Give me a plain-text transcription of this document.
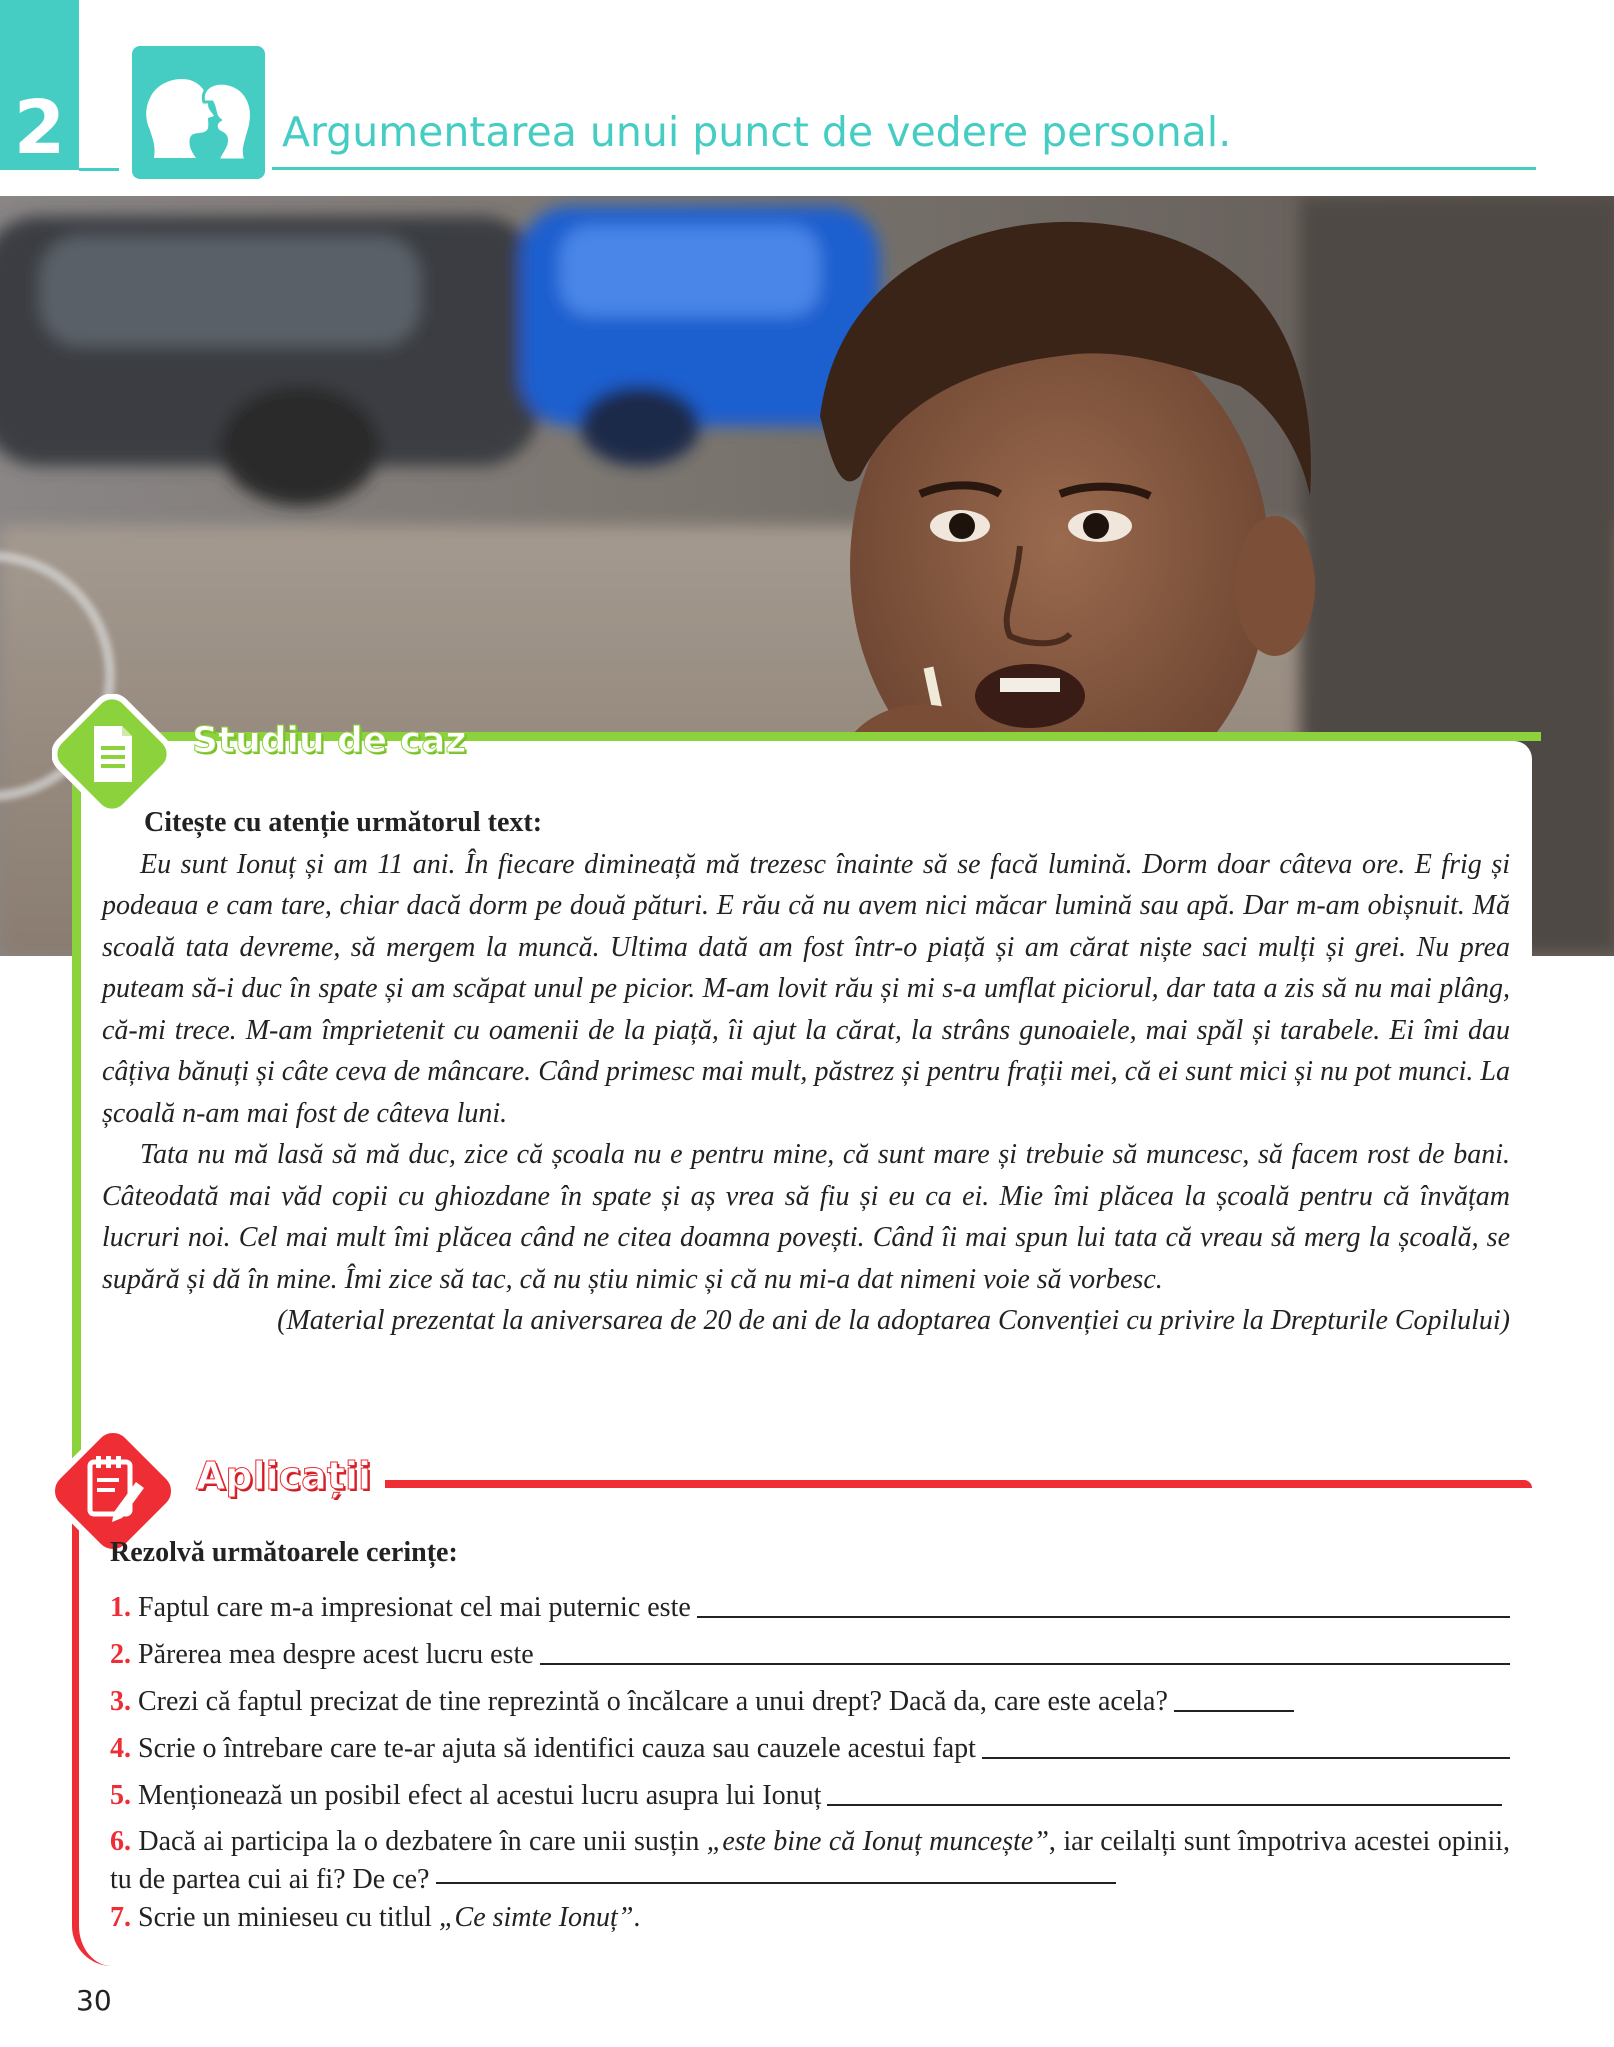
2	Argumentarea unui punct de vedere personal.
Studiu de caz

Citește cu atenție următorul text:

Eu sunt Ionuț și am 11 ani. În fiecare dimineață mă trezesc înainte să se facă lumină. Dorm doar câteva ore. E frig și podeaua e cam tare, chiar dacă dorm pe două pături. E rău că nu avem nici măcar lumină sau apă. Dar m-am obișnuit. Mă scoală tata devreme, să mergem la muncă. Ultima dată am fost într-o piață și am cărat niște saci mulți și grei. Nu prea puteam să-i duc în spate și am scăpat unul pe picior. M-am lovit rău și mi s-a umflat piciorul, dar tata a zis să nu mai plâng, că-mi trece. M-am împrietenit cu oamenii de la piață, îi ajut la cărat, la strâns gunoaiele, mai spăl și tarabele. Ei îmi dau câțiva bănuți și câte ceva de mâncare. Când primesc mai mult, păstrez și pentru frații mei, că ei sunt mici și nu pot munci. La școală n-am mai fost de câteva luni.

Tata nu mă lasă să mă duc, zice că școala nu e pentru mine, că sunt mare și trebuie să muncesc, să facem rost de bani. Câteodată mai văd copii cu ghiozdane în spate și aș vrea să fiu și eu ca ei. Mie îmi plăcea la școală pentru că învățam lucruri noi. Cel mai mult îmi plăcea când ne citea doamna povești. Când îi mai spun lui tata că vreau să merg la școală, se supără și dă în mine. Îmi zice să tac, că nu știu nimic și că nu mi-a dat nimeni voie să vorbesc.

(Material prezentat la aniversarea de 20 de ani de la adoptarea Convenției cu privire la Drepturile Copilului)

Aplicații

Rezolvă următoarele cerințe:

1.
Faptul care m-a impresionat cel mai puternic este
2.
Părerea mea despre acest lucru este
3.
Crezi că faptul precizat de tine reprezintă o încălcare a unui drept? Dacă da, care este acela?
4.
Scrie o întrebare care te-ar ajuta să identifici cauza sau cauzele acestui fapt
5.
Menționează un posibil efect al acestui lucru asupra lui Ionuț

6. Dacă ai participa la o dezbatere în care unii susțin „este bine că Ionuț muncește”, iar ceilalți sunt împotriva acestei opinii, tu de partea cui ai fi? De ce?

7. Scrie un minieseu cu titlul „Ce simte Ionuț”.

30
